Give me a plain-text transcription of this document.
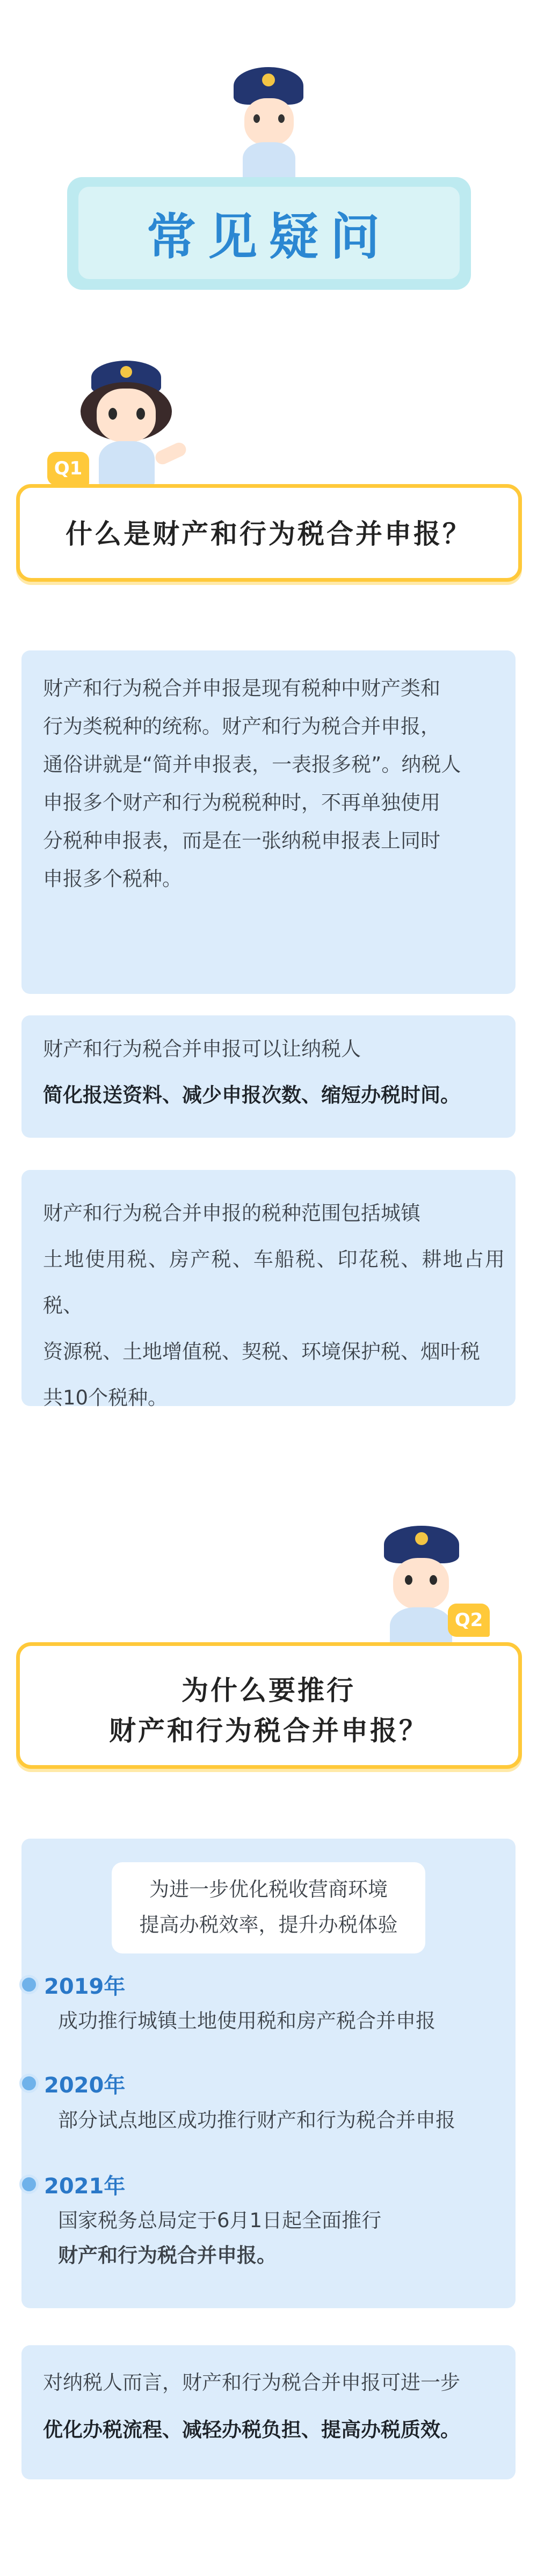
常见疑问
Q1
什么是财产和行为税合并申报？
财产和行为税合并申报是现有税种中财产类和
行为类税种的统称。财产和行为税合并申报，
通俗讲就是“简并申报表，一表报多税”。纳税人
申报多个财产和行为税税种时，不再单独使用
分税种申报表，而是在一张纳税申报表上同时
申报多个税种。
财产和行为税合并申报可以让纳税人
简化报送资料、减少申报次数、缩短办税时间。
财产和行为税合并申报的税种范围包括城镇
土地使用税、房产税、车船税、印花税、耕地占用税、
资源税、土地增值税、契税、环境保护税、烟叶税
共10个税种。
Q2
为什么要推行
财产和行为税合并申报？
为进一步优化税收营商环境
提高办税效率，提升办税体验
2019年
成功推行城镇土地使用税和房产税合并申报
2020年
部分试点地区成功推行财产和行为税合并申报
2021年
国家税务总局定于6月1日起全面推行
财产和行为税合并申报。
对纳税人而言，财产和行为税合并申报可进一步
优化办税流程、减轻办税负担、提高办税质效。
